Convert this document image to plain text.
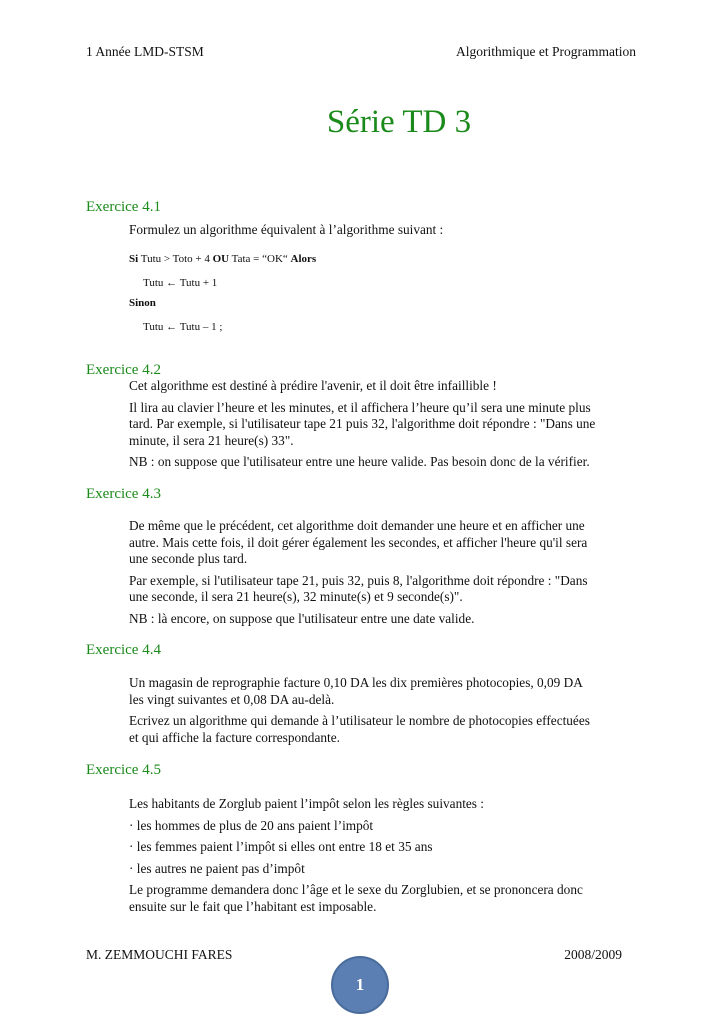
1 Année LMD-STSM	Algorithmique et Programmation
Série TD 3
Exercice 4.1

Formulez un algorithme équivalent à l’algorithme suivant :

Si Tutu > Toto + 4 OU Tata = “OK“ Alors
Tutu ← Tutu + 1
Sinon
Tutu ← Tutu – 1 ;
Exercice 4.2

Cet algorithme est destiné à prédire l'avenir, et il doit être infaillible !

Il lira au clavier l’heure et les minutes, et il affichera l’heure qu’il sera une minute plus tard. Par exemple, si l'utilisateur tape 21 puis 32, l'algorithme doit répondre : "Dans une minute, il sera 21 heure(s) 33".

NB : on suppose que l'utilisateur entre une heure valide. Pas besoin donc de la vérifier.

Exercice 4.3

De même que le précédent, cet algorithme doit demander une heure et en afficher une autre. Mais cette fois, il doit gérer également les secondes, et afficher l'heure qu'il sera une seconde plus tard.

Par exemple, si l'utilisateur tape 21, puis 32, puis 8, l'algorithme doit répondre : "Dans une seconde, il sera 21 heure(s), 32 minute(s) et 9 seconde(s)".

NB : là encore, on suppose que l'utilisateur entre une date valide.

Exercice 4.4

Un magasin de reprographie facture 0,10 DA les dix premières photocopies, 0,09 DA les vingt suivantes et 0,08 DA au-delà.

Ecrivez un algorithme qui demande à l’utilisateur le nombre de photocopies effectuées et qui affiche la facture correspondante.

Exercice 4.5

Les habitants de Zorglub paient l’impôt selon les règles suivantes :

· les hommes de plus de 20 ans paient l’impôt

· les femmes paient l’impôt si elles ont entre 18 et 35 ans

· les autres ne paient pas d’impôt

Le programme demandera donc l’âge et le sexe du Zorglubien, et se prononcera donc ensuite sur le fait que l’habitant est imposable.

M. ZEMMOUCHI FARES	2008/2009
1
